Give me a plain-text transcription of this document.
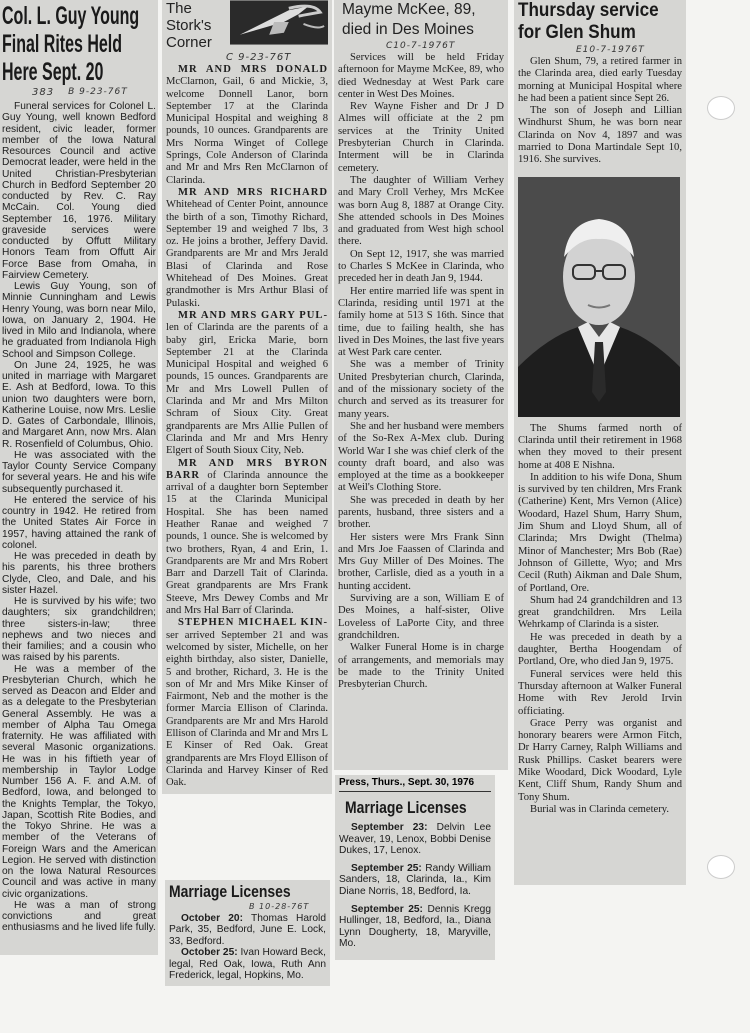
Col. L. Guy Young
Final Rites Held
Here Sept. 20
383 B 9-23-76T

Funeral services for Colonel L. Guy Young, well known Bedford resident, civic leader, former member of the Iowa Natural Resources Council and active Democrat leader, were held in the United Christian-Presbyterian Church in Bedford September 20 conducted by Rev. C. Ray McCain. Col. Young died September 16, 1976. Military graveside services were conducted by Offutt Military Honors Team from Offutt Air Force Base from Omaha, in Fairview Cemetery.

Lewis Guy Young, son of Minnie Cunningham and Lewis Henry Young, was born near Milo, Iowa, on January 2, 1904. He lived in Milo and Indianola, where he graduated from Indianola High School and Simpson College.

On June 24, 1925, he was united in marriage with Margaret E. Ash at Bedford, Iowa. To this union two daughters were born, Katherine Louise, now Mrs. Leslie D. Gates of Carbondale, Illinois, and Margaret Ann, now Mrs. Alan R. Rosenfield of Columbus, Ohio.

He was associated with the Taylor County Service Company for several years. He and his wife subsequently purchased it.

He entered the service of his country in 1942. He retired from the United States Air Force in 1957, having attained the rank of colonel.

He was preceded in death by his parents, his three brothers Clyde, Cleo, and Dale, and his sister Hazel.

He is survived by his wife; two daughters; six grandchildren; three sisters-in-law; three nephews and two nieces and their families; and a cousin who was raised by his parents.

He was a member of the Presbyterian Church, which he served as Deacon and Elder and as a delegate to the Presbyterian General Assembly. He was a member of Alpha Tau Omega fraternity. He was affiliated with several Masonic organizations. He was in his fiftieth year of membership in Taylor Lodge Number 156 A. F. and A.M. of Bedford, Iowa, and belonged to the Knights Templar, the Tokyo, Japan, Scottish Rite Bodies, and the Tokyo Shrine. He was a member of the Veterans of Foreign Wars and the American Legion. He served with distinction on the Iowa Natural Resources Council and was active in many civic organizations.

He was a man of strong convictions and great enthusiasms and he lived life fully.

The
Stork's
Corner
C 9-23-76T

MR AND MRS DONALD McClarnon, Gail, 6 and Mickie, 3, welcome Donnell Lanor, born September 17 at the Clarinda Municipal Hospital and weighing 8 pounds, 10 ounces. Grandparents are Mrs Norma Winget of College Springs, Cole Anderson of Clarinda and Mr and Mrs Ren McClarnon of Clarinda.

MR AND MRS RICHARD Whitehead of Center Point, announce the birth of a son, Timothy Richard, September 19 and weighed 7 lbs, 3 oz. He joins a brother, Jeffery David. Grandparents are Mr and Mrs Jerald Blasi of Clarinda and Rose Whitehead of Des Moines. Great grandmother is Mrs Arthur Blasi of Pulaski.

MR AND MRS GARY PUL-len of Clarinda are the parents of a baby girl, Ericka Marie, born September 21 at the Clarinda Municipal Hospital and weighed 6 pounds, 15 ounces. Grandparents are Mr and Mrs Lowell Pullen of Clarinda and Mr and Mrs Milton Schram of Sioux City. Great grandparents are Mrs Allie Pullen of Clarinda and Mr and Mrs Henry Elgert of South Sioux City, Neb.

MR AND MRS BYRON BARR of Clarinda announce the arrival of a daughter born September 15 at the Clarinda Municipal Hospital. She has been named Heather Ranae and weighed 7 pounds, 1 ounce. She is welcomed by two brothers, Ryan, 4 and Erin, 1. Grandparents are Mr and Mrs Robert Barr and Darzell Tait of Clarinda. Great grandparents are Mrs Frank Steeve, Mrs Dewey Combs and Mr and Mrs Hal Barr of Clarinda.

STEPHEN MICHAEL KIN-ser arrived September 21 and was welcomed by sister, Michelle, on her eighth birthday, also sister, Danielle, 5 and brother, Richard, 3. He is the son of Mr and Mrs Mike Kinser of Fairmont, Neb and the mother is the former Marcia Ellison of Clarinda. Grandparents are Mr and Mrs Harold Ellison of Clarinda and Mr and Mrs L E Kinser of Red Oak. Great grandparents are Mrs Floyd Ellison of Clarinda and Harvey Kinser of Red Oak.

Marriage Licenses
B 10-28-76T

October 20: Thomas Harold Park, 35, Bedford, June E. Lock, 33, Bedford.

October 25: Ivan Howard Beck, legal, Red Oak, Iowa, Ruth Ann Frederick, legal, Hopkins, Mo.

Mayme McKee, 89,
died in Des Moines
C10-7-1976T

Services will be held Friday afternoon for Mayme McKee, 89, who died Wednesday at West Park care center in West Des Moines.

Rev Wayne Fisher and Dr J D Almes will officiate at the 2 pm services at the Trinity United Presbyterian Church in Clarinda. Interment will be in Clarinda cemetery.

The daughter of William Verhey and Mary Croll Verhey, Mrs McKee was born Aug 8, 1887 at Orange City. She attended schools in Des Moines and graduated from West high school there.

On Sept 12, 1917, she was married to Charles S McKee in Clarinda, who preceded her in death Jan 9, 1944.

Her entire married life was spent in Clarinda, residing until 1971 at the family home at 513 S 16th. Since that time, due to failing health, she has lived in Des Moines, the last five years at West Park care center.

She was a member of Trinity United Presbyterian church, Clarinda, and of the missionary society of the church and served as its treasurer for many years.

She and her husband were members of the So-Rex A-Mex club. During World War I she was chief clerk of the county draft board, and also was employed at the time as a bookkeeper at Weil's Clothing Store.

She was preceded in death by her parents, husband, three sisters and a brother.

Her sisters were Mrs Frank Sinn and Mrs Joe Faassen of Clarinda and Mrs Guy Miller of Des Moines. The brother, Carlisle, died as a youth in a hunting accident.

Surviving are a son, William E of Des Moines, a half-sister, Olive Loveless of LaPorte City, and three grandchildren.

Walker Funeral Home is in charge of arrangements, and memorials may be made to the Trinity United Presbyterian Church.

Press, Thurs., Sept. 30, 1976
Marriage Licenses

September 23: Delvin Lee Weaver, 19, Lenox, Bobbi Denise Dukes, 17, Lenox.

September 25: Randy William Sanders, 18, Clarinda, Ia., Kim Diane Norris, 18, Bedford, Ia.

September 25: Dennis Kregg Hullinger, 18, Bedford, Ia., Diana Lynn Dougherty, 18, Maryville, Mo.

Thursday service
for Glen Shum
E10-7-1976T

Glen Shum, 79, a retired farmer in the Clarinda area, died early Tuesday morning at Municipal Hospital where he had been a patient since Sept 26.

The son of Joseph and Lillian Windhurst Shum, he was born near Clarinda on Nov 4, 1897 and was married to Dona Martindale Sept 10, 1916. She survives.

The Shums farmed north of Clarinda until their retirement in 1968 when they moved to their present home at 408 E Nishna.

In addition to his wife Dona, Shum is survived by ten children, Mrs Frank (Catherine) Kent, Mrs Vernon (Alice) Woodard, Hazel Shum, Harry Shum, Jim Shum and Lloyd Shum, all of Clarinda; Mrs Dwight (Thelma) Minor of Manchester; Mrs Bob (Rae) Johnson of Gillette, Wyo; and Mrs Cecil (Ruth) Aikman and Dale Shum, of Portland, Ore.

Shum had 24 grandchildren and 13 great grandchildren. Mrs Leila Wehrkamp of Clarinda is a sister.

He was preceded in death by a daughter, Bertha Hoogendam of Portland, Ore, who died Jan 9, 1975.

Funeral services were held this Thursday afternoon at Walker Funeral Home with Rev Jerold Irvin officiating.

Grace Perry was organist and honorary bearers were Armon Fitch, Dr Harry Carney, Ralph Williams and Rusk Phillips. Casket bearers were Mike Woodard, Dick Woodard, Lyle Kent, Cliff Shum, Randy Shum and Tony Shum.

Burial was in Clarinda cemetery.
